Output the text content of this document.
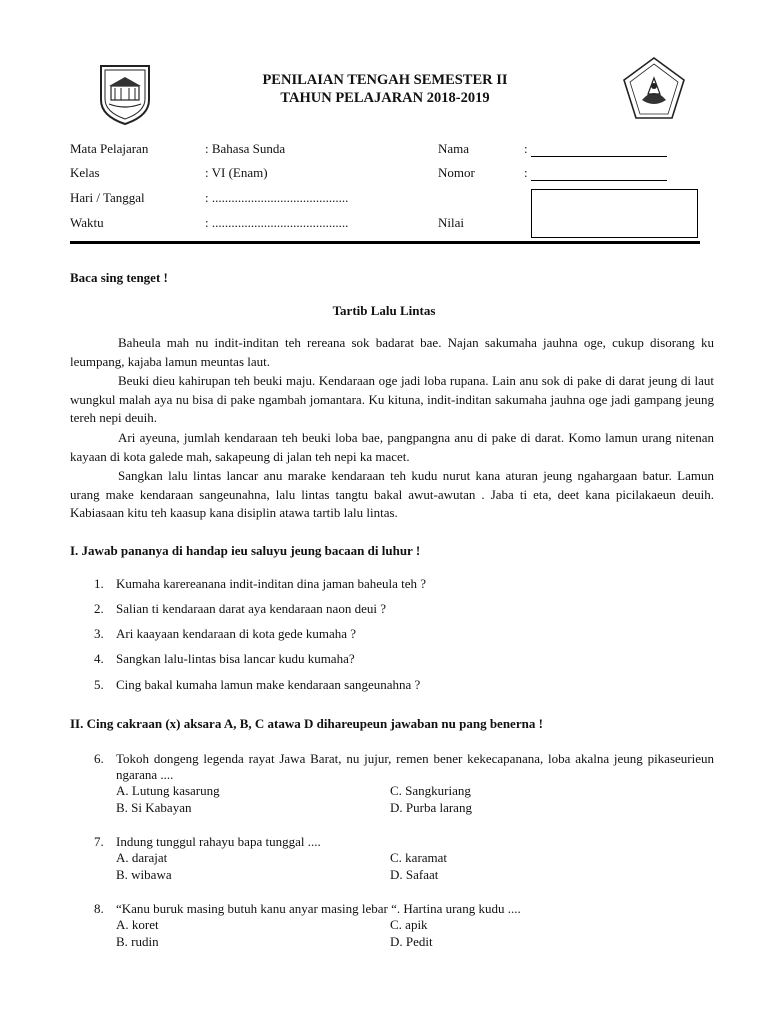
PENILAIAN TENGAH SEMESTER II
TAHUN PELAJARAN 2018-2019
Mata Pelajaran	: Bahasa Sunda
Kelas	: VI (Enam)
Hari / Tanggal	: ..........................................
Waktu	: ..........................................
Nama	:
Nomor	:
Nilai
Baca sing tenget !
Tartib Lalu Lintas
Baheula mah nu indit-inditan teh rereana sok badarat bae. Najan sakumaha jauhna oge, cukup disorang ku leumpang, kajaba lamun meuntas laut.
Beuki dieu kahirupan teh beuki maju. Kendaraan oge jadi loba rupana. Lain anu sok di pake di darat jeung di laut wungkul malah aya nu bisa di pake ngambah jomantara. Ku kituna, indit-inditan sakumaha jauhna oge jadi gampang jeung tereh nepi deuih.
Ari ayeuna, jumlah kendaraan teh beuki loba bae, pangpangna anu di pake di darat. Komo lamun urang nitenan kayaan di kota galede mah, sakapeung di jalan teh nepi ka macet.
Sangkan lalu lintas lancar anu marake kendaraan teh kudu nurut kana aturan jeung ngahargaan batur. Lamun urang make kendaraan sangeunahna, lalu lintas tangtu bakal awut-awutan . Jaba ti eta, deet kana picilakaeun deuih. Kabiasaan kitu teh kaasup kana disiplin atawa tartib lalu lintas.
I. Jawab pananya di handap ieu saluyu jeung bacaan di luhur !
1. Kumaha karereanana indit-inditan dina jaman baheula teh ?
2. Salian ti kendaraan darat aya kendaraan naon deui ?
3. Ari kaayaan kendaraan di kota gede kumaha ?
4. Sangkan lalu-lintas bisa lancar kudu kumaha?
5. Cing bakal kumaha lamun make kendaraan sangeunahna ?
II. Cing cakraan (x) aksara A, B, C atawa D dihareupeun jawaban nu pang benerna !
6. Tokoh dongeng legenda rayat Jawa Barat, nu jujur, remen bener kekecapanana, loba akalna jeung pikaseurieun ngarana ....
A. Lutung kasarung
B. Si Kabayan
C. Sangkuriang
D. Purba larang
7. Indung tunggul rahayu bapa tunggal ....
A. darajat
B. wibawa
C. karamat
D. Safaat
8. “Kanu buruk masing butuh kanu anyar masing lebar “. Hartina urang kudu ....
A. koret
B. rudin
C. apik
D. Pedit
